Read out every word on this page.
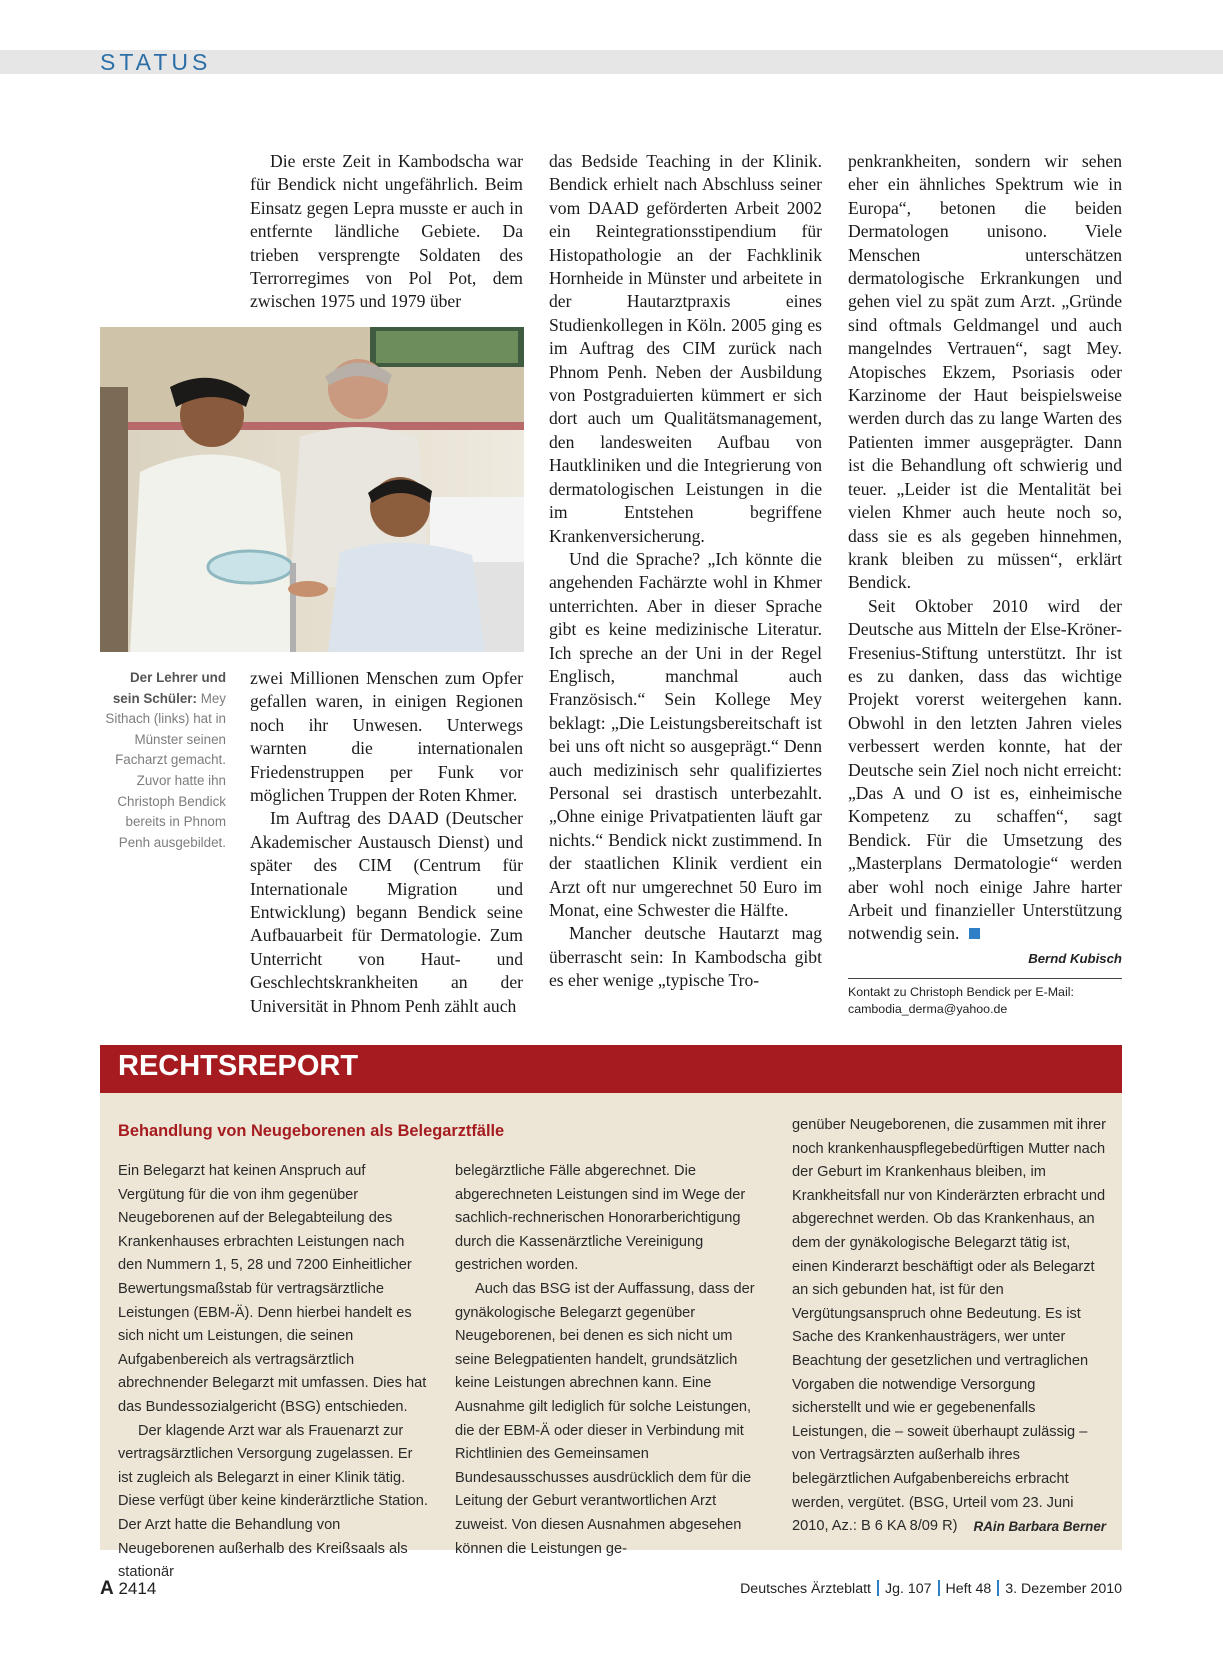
STATUS

Die erste Zeit in Kambodscha war für Bendick nicht ungefährlich. Beim Einsatz gegen Lepra musste er auch in entfernte ländliche Gebiete. Da trieben versprengte Soldaten des Terrorregimes von Pol Pot, dem zwischen 1975 und 1979 über

Der Lehrer und sein Schüler: Mey Sithach (links) hat in Münster seinen Facharzt gemacht. Zuvor hatte ihn Christoph Bendick bereits in Phnom Penh ausgebildet.

zwei Millionen Menschen zum Opfer gefallen waren, in einigen Regionen noch ihr Unwesen. Unterwegs warnten die internationalen Friedenstruppen per Funk vor möglichen Truppen der Roten Khmer.

Im Auftrag des DAAD (Deutscher Akademischer Austausch Dienst) und später des CIM (Centrum für Internationale Migration und Entwicklung) begann Bendick seine Aufbauarbeit für Dermatologie. Zum Unterricht von Haut- und Geschlechtskrankheiten an der Universität in Phnom Penh zählt auch

das Bedside Teaching in der Klinik. Bendick erhielt nach Abschluss seiner vom DAAD geförderten Arbeit 2002 ein Reintegrationsstipendium für Histopathologie an der Fachklinik Hornheide in Münster und arbeitete in der Hautarztpraxis eines Studienkollegen in Köln. 2005 ging es im Auftrag des CIM zurück nach Phnom Penh. Neben der Ausbildung von Postgraduierten kümmert er sich dort auch um Qualitätsmanagement, den landesweiten Aufbau von Hautkliniken und die Integrierung von dermatologischen Leistungen in die im Entstehen begriffene Krankenversicherung.

Und die Sprache? „Ich könnte die angehenden Fachärzte wohl in Khmer unterrichten. Aber in dieser Sprache gibt es keine medizinische Literatur. Ich spreche an der Uni in der Regel Englisch, manchmal auch Französisch.“ Sein Kollege Mey beklagt: „Die Leistungsbereitschaft ist bei uns oft nicht so ausgeprägt.“ Denn auch medizinisch sehr qualifiziertes Personal sei drastisch unterbezahlt. „Ohne einige Privatpatienten läuft gar nichts.“ Bendick nickt zustimmend. In der staatlichen Klinik verdient ein Arzt oft nur umgerechnet 50 Euro im Monat, eine Schwester die Hälfte.

Mancher deutsche Hautarzt mag überrascht sein: In Kambodscha gibt es eher wenige „typische Tro-

penkrankheiten, sondern wir sehen eher ein ähnliches Spektrum wie in Europa“, betonen die beiden Dermatologen unisono. Viele Menschen unterschätzen dermatologische Erkrankungen und gehen viel zu spät zum Arzt. „Gründe sind oftmals Geldmangel und auch mangelndes Vertrauen“, sagt Mey. Atopisches Ekzem, Psoriasis oder Karzinome der Haut beispielsweise werden durch das zu lange Warten des Patienten immer ausgeprägter. Dann ist die Behandlung oft schwierig und teuer. „Leider ist die Mentalität bei vielen Khmer auch heute noch so, dass sie es als gegeben hinnehmen, krank bleiben zu müssen“, erklärt Bendick.

Seit Oktober 2010 wird der Deutsche aus Mitteln der Else-Kröner-Fresenius-Stiftung unterstützt. Ihr ist es zu danken, dass das wichtige Projekt vorerst weitergehen kann. Obwohl in den letzten Jahren vieles verbessert werden konnte, hat der Deutsche sein Ziel noch nicht erreicht: „Das A und O ist es, einheimische Kompetenz zu schaffen“, sagt Bendick. Für die Umsetzung des „Masterplans Dermatologie“ werden aber wohl noch einige Jahre harter Arbeit und finanzieller Unterstützung notwendig sein.

Bernd Kubisch
Kontakt zu Christoph Bendick per E-Mail: cambodia_derma@yahoo.de
RECHTSREPORT
Behandlung von Neugeborenen als Belegarztfälle

Ein Belegarzt hat keinen Anspruch auf Vergütung für die von ihm gegenüber Neugeborenen auf der Belegabteilung des Krankenhauses erbrachten Leistungen nach den Nummern 1, 5, 28 und 7200 Einheitlicher Bewertungsmaßstab für vertragsärztliche Leistungen (EBM-Ä). Denn hierbei handelt es sich nicht um Leistungen, die seinen Aufgabenbereich als vertragsärztlich abrechnender Belegarzt mit umfassen. Dies hat das Bundessozialgericht (BSG) entschieden.

Der klagende Arzt war als Frauenarzt zur vertragsärztlichen Versorgung zugelassen. Er ist zugleich als Belegarzt in einer Klinik tätig. Diese verfügt über keine kinderärztliche Station. Der Arzt hatte die Behandlung von Neugeborenen außerhalb des Kreißsaals als stationär

belegärztliche Fälle abgerechnet. Die abgerechneten Leistungen sind im Wege der sachlich-rechnerischen Honorarberichtigung durch die Kassenärztliche Vereinigung gestrichen worden.

Auch das BSG ist der Auffassung, dass der gynäkologische Belegarzt gegenüber Neugeborenen, bei denen es sich nicht um seine Belegpatienten handelt, grundsätzlich keine Leistungen abrechnen kann. Eine Ausnahme gilt lediglich für solche Leistungen, die der EBM-Ä oder dieser in Verbindung mit Richtlinien des Gemeinsamen Bundesausschusses ausdrücklich dem für die Leitung der Geburt verantwortlichen Arzt zuweist. Von diesen Ausnahmen abgesehen können die Leistungen ge-

genüber Neugeborenen, die zusammen mit ihrer noch krankenhauspflegebedürftigen Mutter nach der Geburt im Krankenhaus bleiben, im Krankheitsfall nur von Kinderärzten erbracht und abgerechnet werden. Ob das Krankenhaus, an dem der gynäkologische Belegarzt tätig ist, einen Kinderarzt beschäftigt oder als Belegarzt an sich gebunden hat, ist für den Vergütungsanspruch ohne Bedeutung. Es ist Sache des Krankenhausträgers, wer unter Beachtung der gesetzlichen und vertraglichen Vorgaben die notwendige Versorgung sicherstellt und wie er gegebenenfalls Leistungen, die – soweit überhaupt zulässig – von Vertragsärzten außerhalb ihres belegärztlichen Aufgabenbereichs erbracht werden, vergütet. (BSG, Urteil vom 23. Juni 2010, Az.: B 6 KA 8/09 R) RAin Barbara Berner

A 2414	Deutsches Ärzteblatt Jg. 107 Heft 48 3. Dezember 2010
